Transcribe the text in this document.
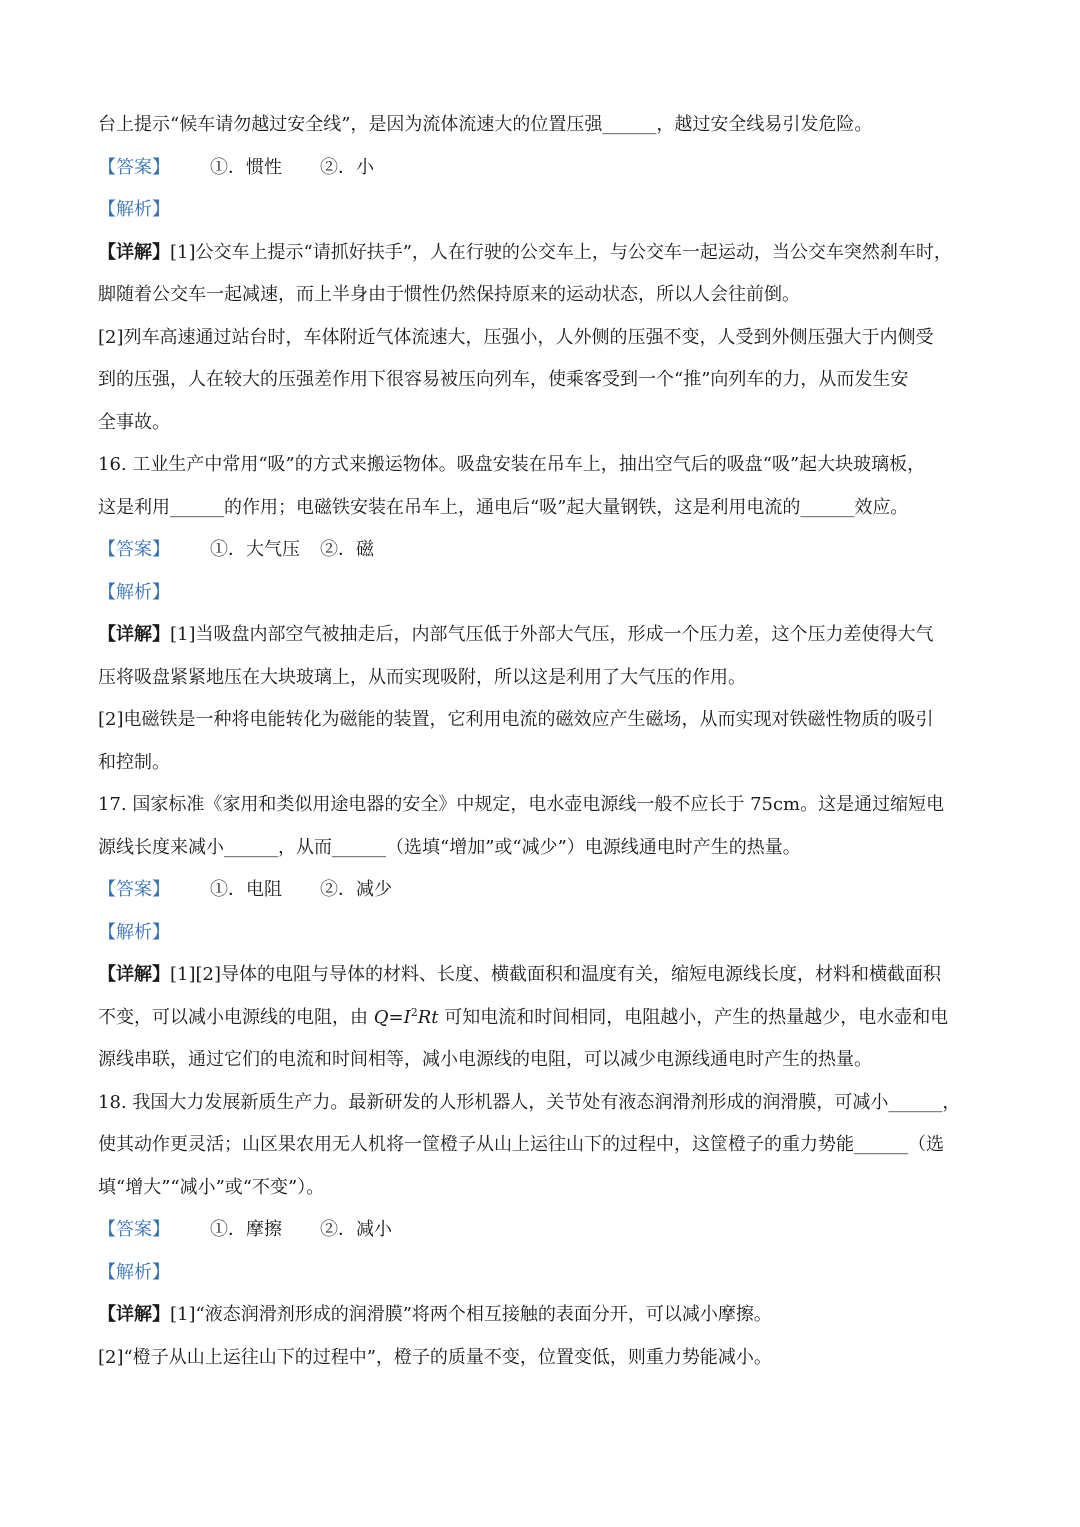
台上提示“候车请勿越过安全线”，是因为流体流速大的位置压强______，越过安全线易引发危险。

【答案】 ①．惯性 ②．小

【解析】

【详解】[1]公交车上提示“请抓好扶手”，人在行驶的公交车上，与公交车一起运动，当公交车突然刹车时，

脚随着公交车一起减速，而上半身由于惯性仍然保持原来的运动状态，所以人会往前倒。

[2]列车高速通过站台时，车体附近气体流速大，压强小，人外侧的压强不变，人受到外侧压强大于内侧受

到的压强，人在较大的压强差作用下很容易被压向列车，使乘客受到一个“推”向列车的力，从而发生安

全事故。

16. 工业生产中常用“吸”的方式来搬运物体。吸盘安装在吊车上，抽出空气后的吸盘“吸”起大块玻璃板，

这是利用______的作用；电磁铁安装在吊车上，通电后“吸”起大量钢铁，这是利用电流的______效应。

【答案】 ①．大气压 ②．磁

【解析】

【详解】[1]当吸盘内部空气被抽走后，内部气压低于外部大气压，形成一个压力差，这个压力差使得大气

压将吸盘紧紧地压在大块玻璃上，从而实现吸附，所以这是利用了大气压的作用。

[2]电磁铁是一种将电能转化为磁能的装置，它利用电流的磁效应产生磁场，从而实现对铁磁性物质的吸引

和控制。

17. 国家标准《家用和类似用途电器的安全》中规定，电水壶电源线一般不应长于 75cm。这是通过缩短电

源线长度来减小______，从而______（选填“增加”或“减少”）电源线通电时产生的热量。

【答案】 ①．电阻 ②．减少

【解析】

【详解】[1][2]导体的电阻与导体的材料、长度、横截面积和温度有关，缩短电源线长度，材料和横截面积

不变，可以减小电源线的电阻，由 $Q=I^2Rt$ 可知电流和时间相同，电阻越小，产生的热量越少，电水壶和电

源线串联，通过它们的电流和时间相等，减小电源线的电阻，可以减少电源线通电时产生的热量。

18. 我国大力发展新质生产力。最新研发的人形机器人，关节处有液态润滑剂形成的润滑膜，可减小______，

使其动作更灵活；山区果农用无人机将一筐橙子从山上运往山下的过程中，这筐橙子的重力势能______（选

填“增大”“减小”或“不变”）。

【答案】 ①．摩擦 ②．减小

【解析】

【详解】[1]“液态润滑剂形成的润滑膜”将两个相互接触的表面分开，可以减小摩擦。

[2]“橙子从山上运往山下的过程中”，橙子的质量不变，位置变低，则重力势能减小。
